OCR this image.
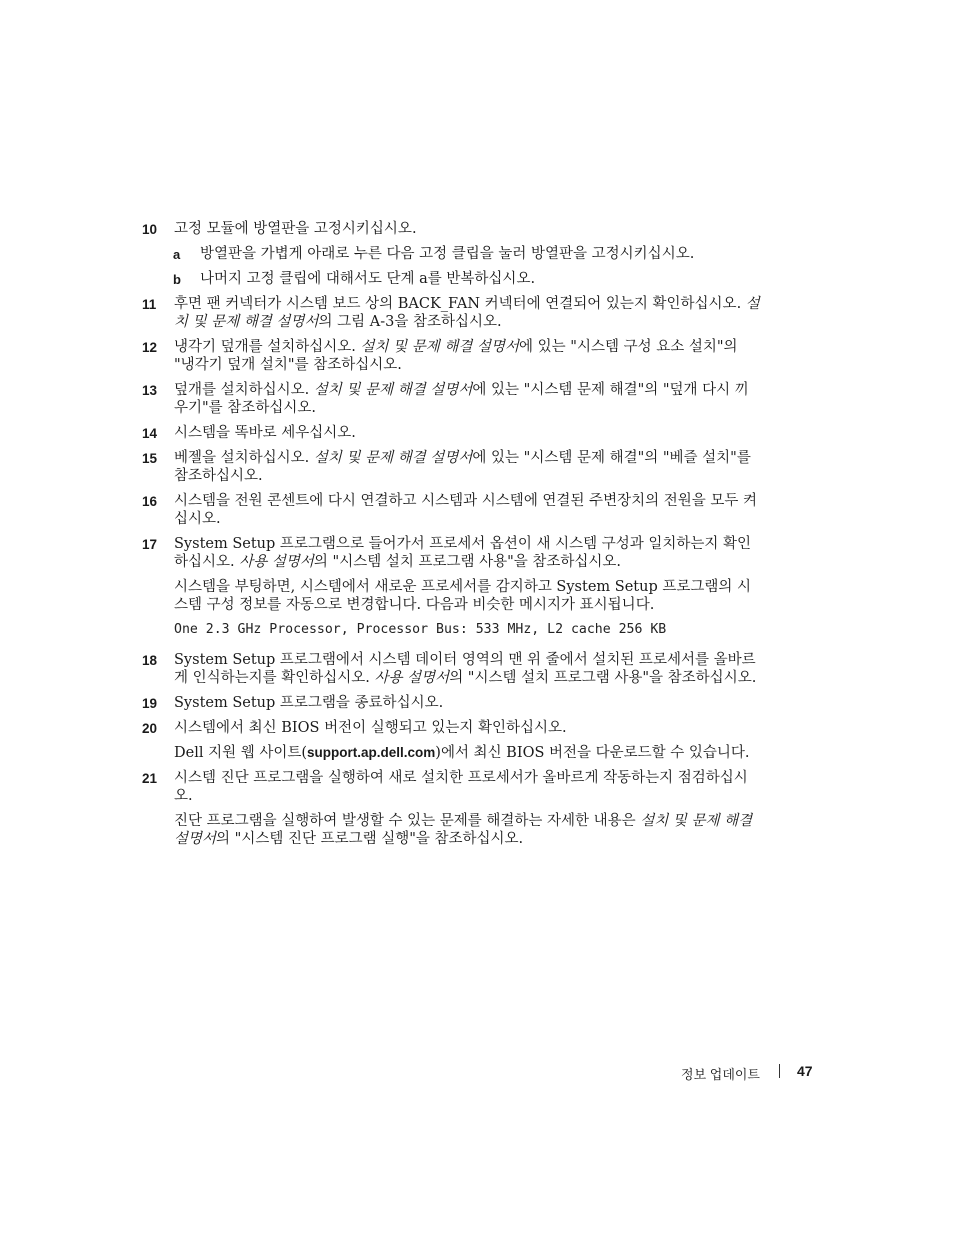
10 고정 모듈에 방열판을 고정시키십시오.
a 방열판을 가볍게 아래로 누른 다음 고정 클립을 눌러 방열판을 고정시키십시오.
b 나머지 고정 클립에 대해서도 단계 a를 반복하십시오.
11 후면 팬 커넥터가 시스템 보드 상의 BACK_FAN 커넥터에 연결되어 있는지 확인하십시오. 설치 및 문제 해결 설명서의 그림 A-3을 참조하십시오.
12 냉각기 덮개를 설치하십시오. 설치 및 문제 해결 설명서에 있는 "시스템 구성 요소 설치"의 "냉각기 덮개 설치"를 참조하십시오.
13 덮개를 설치하십시오. 설치 및 문제 해결 설명서에 있는 "시스템 문제 해결"의 "덮개 다시 끼우기"를 참조하십시오.
14 시스템을 똑바로 세우십시오.
15 베젤을 설치하십시오. 설치 및 문제 해결 설명서에 있는 "시스템 문제 해결"의 "베즐 설치"를 참조하십시오.
16 시스템을 전원 콘센트에 다시 연결하고 시스템과 시스템에 연결된 주변장치의 전원을 모두 켜십시오.
17 System Setup 프로그램으로 들어가서 프로세서 옵션이 새 시스템 구성과 일치하는지 확인하십시오. 사용 설명서의 "시스템 설치 프로그램 사용"을 참조하십시오.
시스템을 부팅하면, 시스템에서 새로운 프로세서를 감지하고 System Setup 프로그램의 시스템 구성 정보를 자동으로 변경합니다. 다음과 비슷한 메시지가 표시됩니다.
One 2.3 GHz Processor, Processor Bus: 533 MHz, L2 cache 256 KB
18 System Setup 프로그램에서 시스템 데이터 영역의 맨 위 줄에서 설치된 프로세서를 올바르게 인식하는지를 확인하십시오. 사용 설명서의 "시스템 설치 프로그램 사용"을 참조하십시오.
19 System Setup 프로그램을 종료하십시오.
20 시스템에서 최신 BIOS 버전이 실행되고 있는지 확인하십시오.
Dell 지원 웹 사이트(support.ap.dell.com)에서 최신 BIOS 버전을 다운로드할 수 있습니다.
21 시스템 진단 프로그램을 실행하여 새로 설치한 프로세서가 올바르게 작동하는지 점검하십시오.
진단 프로그램을 실행하여 발생할 수 있는 문제를 해결하는 자세한 내용은 설치 및 문제 해결 설명서의 "시스템 진단 프로그램 실행"을 참조하십시오.
정보 업데이트	47
